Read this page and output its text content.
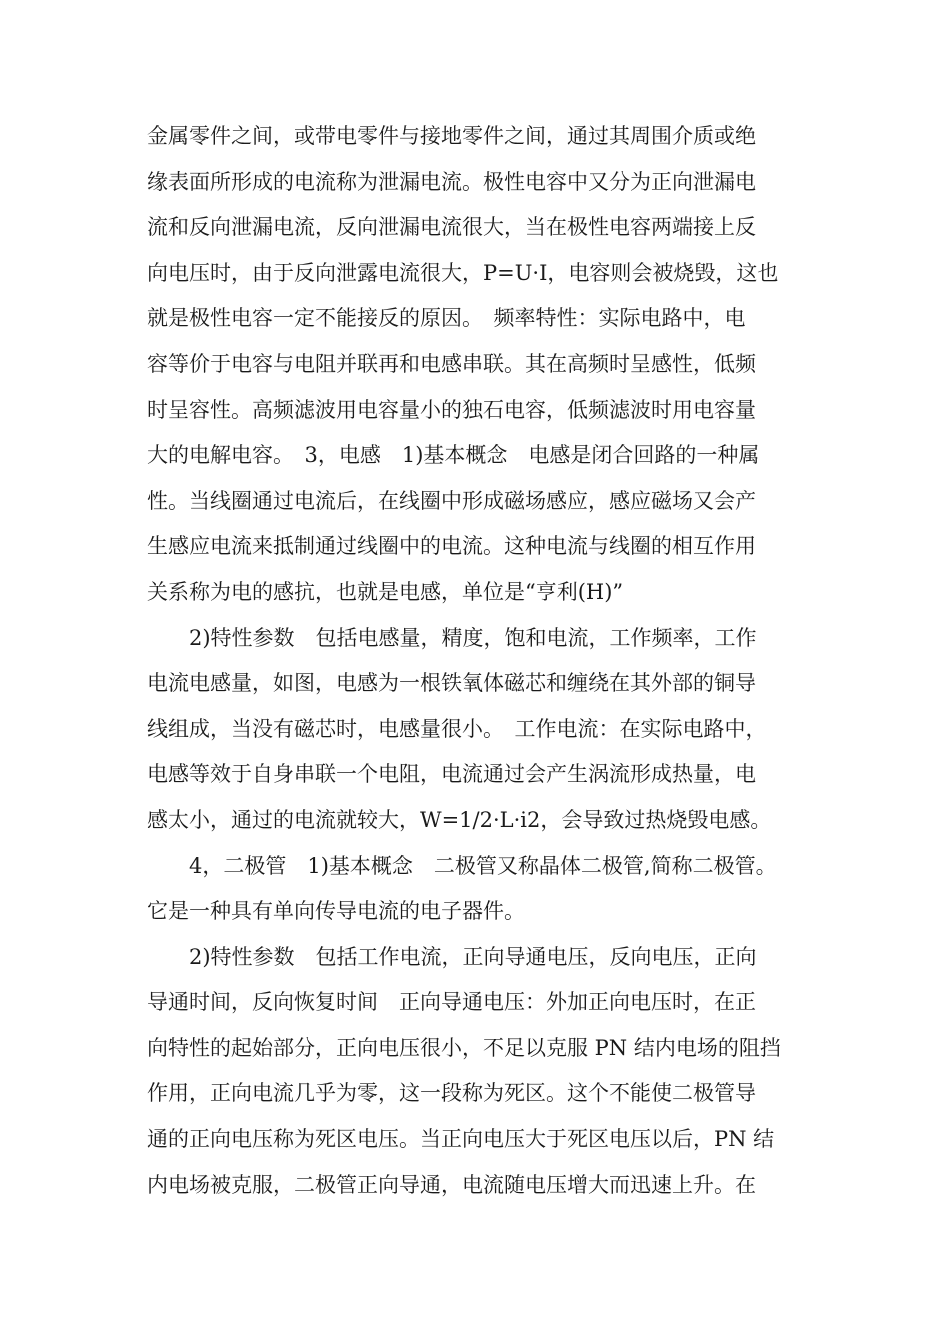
金属零件之间，或带电零件与接地零件之间，通过其周围介质或绝
缘表面所形成的电流称为泄漏电流。极性电容中又分为正向泄漏电
流和反向泄漏电流，反向泄漏电流很大，当在极性电容两端接上反
向电压时，由于反向泄露电流很大，P=U·I，电容则会被烧毁，这也
就是极性电容一定不能接反的原因。　频率特性：实际电路中，电
容等价于电容与电阻并联再和电感串联。其在高频时呈感性，低频
时呈容性。高频滤波用电容量小的独石电容，低频滤波时用电容量
大的电解电容。　3，电感　1)基本概念　电感是闭合回路的一种属
性。当线圈通过电流后，在线圈中形成磁场感应，感应磁场又会产
生感应电流来抵制通过线圈中的电流。这种电流与线圈的相互作用
关系称为电的感抗，也就是电感，单位是“亨利(H)”
2)特性参数　包括电感量，精度，饱和电流，工作频率，工作
电流电感量，如图，电感为一根铁氧体磁芯和缠绕在其外部的铜导
线组成，当没有磁芯时，电感量很小。　工作电流：在实际电路中，
电感等效于自身串联一个电阻，电流通过会产生涡流形成热量，电
感太小，通过的电流就较大，W=1/2·L·i2，会导致过热烧毁电感。
4，二极管　1)基本概念　二极管又称晶体二极管,简称二极管。
它是一种具有单向传导电流的电子器件。
2)特性参数　包括工作电流，正向导通电压，反向电压，正向
导通时间，反向恢复时间　正向导通电压：外加正向电压时，在正
向特性的起始部分，正向电压很小，不足以克服 PN 结内电场的阻挡
作用，正向电流几乎为零，这一段称为死区。这个不能使二极管导
通的正向电压称为死区电压。当正向电压大于死区电压以后，PN 结
内电场被克服，二极管正向导通，电流随电压增大而迅速上升。在
